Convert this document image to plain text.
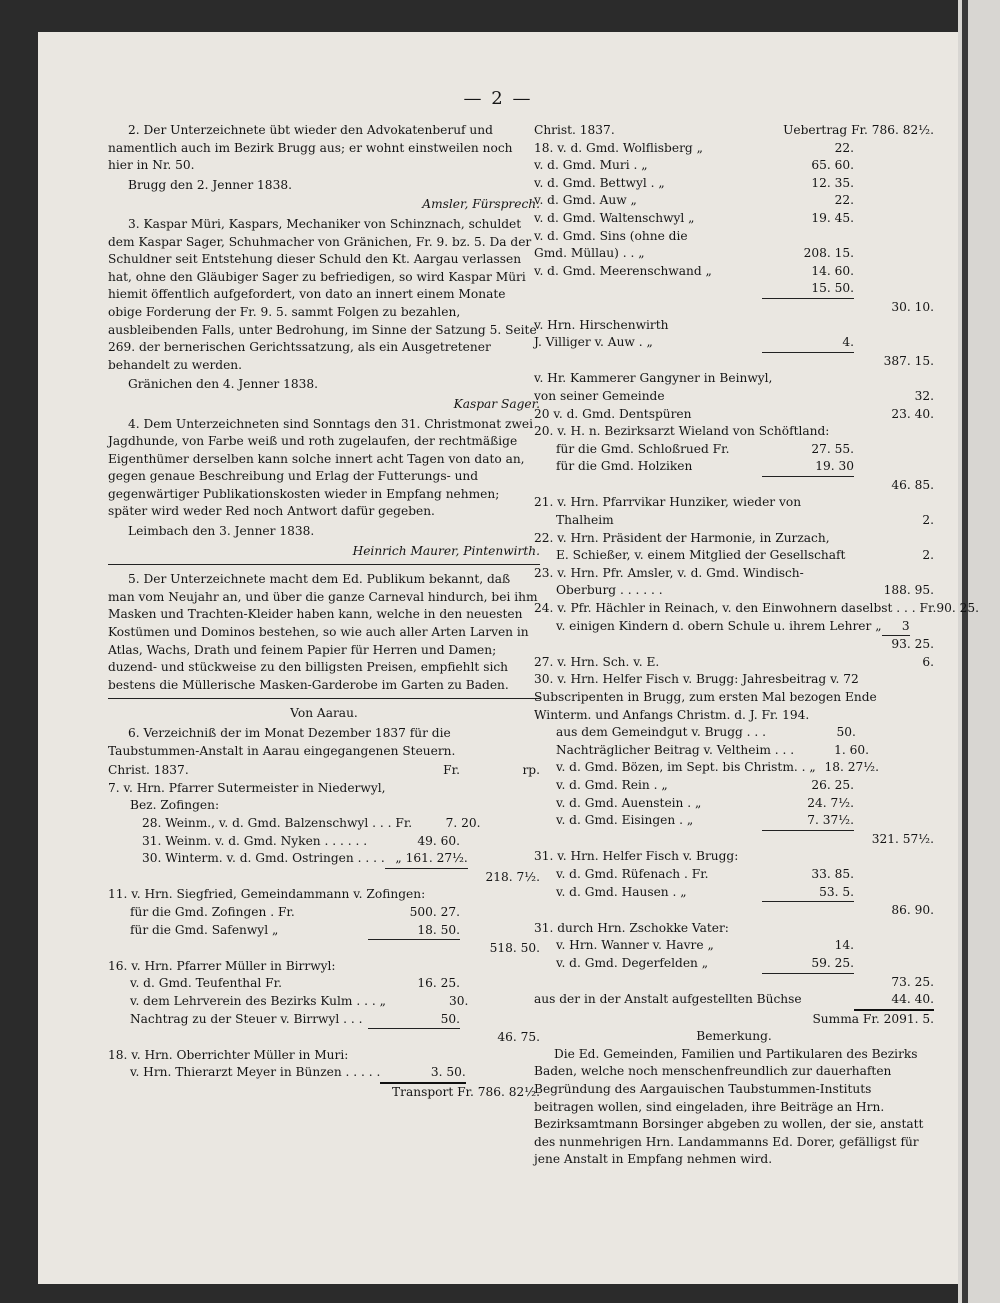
— 2 —

2. Der Unterzeichnete übt wieder den Advokatenberuf und namentlich auch im Bezirk Brugg aus; er wohnt einstweilen noch hier in Nr. 50.

Brugg den 2. Jenner 1838.

Amsler, Fürsprech.

3. Kaspar Müri, Kaspars, Mechaniker von Schinznach, schuldet dem Kaspar Sager, Schuhmacher von Gränichen, Fr. 9. bz. 5. Da der Schuldner seit Entstehung dieser Schuld den Kt. Aargau verlassen hat, ohne den Gläubiger Sager zu befriedigen, so wird Kaspar Müri hiemit öffentlich aufgefordert, von dato an innert einem Monate obige Forderung der Fr. 9. 5. sammt Folgen zu bezahlen, ausbleibenden Falls, unter Bedrohung, im Sinne der Satzung 5. Seite 269. der bernerischen Gerichtssatzung, als ein Ausgetretener behandelt zu werden.

Gränichen den 4. Jenner 1838.

Kaspar Sager.

4. Dem Unterzeichneten sind Sonntags den 31. Christmonat zwei Jagdhunde, von Farbe weiß und roth zugelaufen, der rechtmäßige Eigenthümer derselben kann solche innert acht Tagen von dato an, gegen genaue Beschreibung und Erlag der Futterungs- und gegenwärtiger Publikationskosten wieder in Empfang nehmen; später wird weder Red noch Antwort dafür gegeben.

Leimbach den 3. Jenner 1838.

Heinrich Maurer, Pintenwirth.

5. Der Unterzeichnete macht dem Ed. Publikum bekannt, daß man vom Neujahr an, und über die ganze Carneval hindurch, bei ihm Masken und Trachten-Kleider haben kann, welche in den neuesten Kostümen und Dominos bestehen, so wie auch aller Arten Larven in Atlas, Wachs, Drath und feinem Papier für Herren und Damen; duzend- und stückweise zu den billigsten Preisen, empfiehlt sich bestens die Müllerische Masken-Garderobe im Garten zu Baden.

Von Aarau.

6. Verzeichniß der im Monat Dezember 1837 für die Taubstummen-Anstalt in Aarau eingegangenen Steuern.

Christ. 1837.	Fr.	rp.
7. v. Hrn. Pfarrer Sutermeister in Niederwyl,
Bez. Zofingen:
28. Weinm., v. d. Gmd. Balzenschwyl . . . Fr.	7. 20.
31. Weinm. v. d. Gmd. Nyken . . . . . .	49. 60.
30. Winterm. v. d. Gmd. Ostringen . . . . „ 161. 27½.
218. 7½.
11. v. Hrn. Siegfried, Gemeindammann v. Zofingen:
für die Gmd. Zofingen . Fr.	500. 27.
für die Gmd. Safenwyl „	18. 50.
518. 50.
16. v. Hrn. Pfarrer Müller in Birrwyl:
v. d. Gmd. Teufenthal Fr.	16. 25.
v. dem Lehrverein des Bezirks Kulm . . . „	30.
Nachtrag zu der Steuer v. Birrwyl . . .	50.
46. 75.
18. v. Hrn. Oberrichter Müller in Muri:
v. Hrn. Thierarzt Meyer in Bünzen . . . . .	3. 50.
Transport Fr. 786. 82½.
Christ. 1837.	Uebertrag Fr. 786. 82½.
18. v. d. Gmd. Wolflisberg „	22.
v. d. Gmd. Muri . „	65. 60.
v. d. Gmd. Bettwyl . „	12. 35.
v. d. Gmd. Auw „	22.
v. d. Gmd. Waltenschwyl „	19. 45.
v. d. Gmd. Sins (ohne die
Gmd. Müllau) . . „	208. 15.
v. d. Gmd. Meerenschwand „	14. 60.
15. 50.
30. 10.
v. Hrn. Hirschenwirth
J. Villiger v. Auw . „	4.
387. 15.
v. Hr. Kammerer Gangyner in Beinwyl,
von seiner Gemeinde	32.
20 v. d. Gmd. Dentspüren	23. 40.
20. v. H. n. Bezirksarzt Wieland von Schöftland:
für die Gmd. Schloßrued Fr.	27. 55.
für die Gmd. Holziken	19. 30
46. 85.
21. v. Hrn. Pfarrvikar Hunziker, wieder von
Thalheim	2.
22. v. Hrn. Präsident der Harmonie, in Zurzach,
E. Schießer, v. einem Mitglied der Gesellschaft	2.
23. v. Hrn. Pfr. Amsler, v. d. Gmd. Windisch-
Oberburg . . . . . .	188. 95.
24. v. Pfr. Hächler in Reinach, v. den Einwohnern daselbst . . . Fr. 90. 25.
v. einigen Kindern d. obern Schule u. ihrem Lehrer „	3
93. 25.
27. v. Hrn. Sch. v. E.	6.
30. v. Hrn. Helfer Fisch v. Brugg: Jahresbeitrag v. 72 Subscripenten in Brugg, zum ersten Mal bezogen Ende Winterm. und Anfangs Christm. d. J. Fr. 194.
aus dem Gemeindgut v. Brugg . . .	50.
Nachträglicher Beitrag v. Veltheim . . .	1. 60.
v. d. Gmd. Bözen, im Sept. bis Christm. . „ 18. 27½.
v. d. Gmd. Rein . „	26. 25.
v. d. Gmd. Auenstein . „	24. 7½.
v. d. Gmd. Eisingen . „	7. 37½.
321. 57½.
31. v. Hrn. Helfer Fisch v. Brugg:
v. d. Gmd. Rüfenach . Fr.	33. 85.
v. d. Gmd. Hausen . „	53. 5.
86. 90.
31. durch Hrn. Zschokke Vater:
v. Hrn. Wanner v. Havre „	14.
v. d. Gmd. Degerfelden „	59. 25.
73. 25.
aus der in der Anstalt aufgestellten Büchse	44. 40.
Summa Fr. 2091. 5.
Bemerkung.

Die Ed. Gemeinden, Familien und Partikularen des Bezirks Baden, welche noch menschenfreundlich zur dauerhaften Begründung des Aargauischen Taubstummen-Instituts beitragen wollen, sind eingeladen, ihre Beiträge an Hrn. Bezirksamtmann Borsinger abgeben zu wollen, der sie, anstatt des nunmehrigen Hrn. Landammanns Ed. Dorer, gefälligst für jene Anstalt in Empfang nehmen wird.
